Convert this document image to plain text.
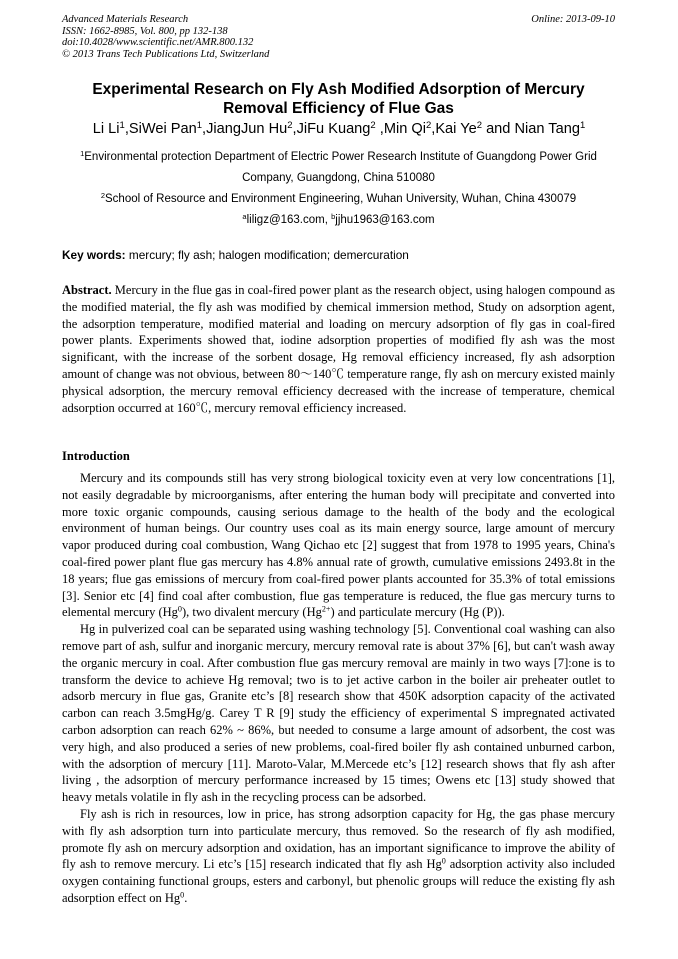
Advanced Materials Research
ISSN: 1662-8985, Vol. 800, pp 132-138
doi:10.4028/www.scientific.net/AMR.800.132
© 2013 Trans Tech Publications Ltd, Switzerland
Online: 2013-09-10
Experimental Research on Fly Ash Modified Adsorption of Mercury Removal Efficiency of Flue Gas
Li Li$^1$,SiWei Pan$^1$,JiangJun Hu$^2$,JiFu Kuang$^2$ ,Min Qi$^2$,Kai Ye$^2$ and Nian Tang$^1$
$^1$Environmental protection Department of Electric Power Research Institute of Guangdong Power Grid Company, Guangdong, China 510080
$^2$School of Resource and Environment Engineering, Wuhan University, Wuhan, China 430079
$^a$liligz@163.com, $^b$jjhu1963@163.com
Key words: mercury; fly ash; halogen modification; demercuration
Abstract. Mercury in the flue gas in coal-fired power plant as the research object, using halogen compound as the modified material, the fly ash was modified by chemical immersion method, Study on adsorption agent, the adsorption temperature, modified material and loading on mercury adsorption of fly gas in coal-fired power plants. Experiments showed that, iodine adsorption properties of modified fly ash was the most significant, with the increase of the sorbent dosage, Hg removal efficiency increased, fly ash adsorption amount of change was not obvious, between 80～140℃ temperature range, fly ash on mercury existed mainly physical adsorption, the mercury removal efficiency decreased with the increase of temperature, chemical adsorption occurred at 160℃, mercury removal efficiency increased.
Introduction

Mercury and its compounds still has very strong biological toxicity even at very low concentrations [1], not easily degradable by microorganisms, after entering the human body will precipitate and converted into more toxic organic compounds, causing serious damage to the health of the body and the ecological environment of human beings. Our country uses coal as its main energy source, large amount of mercury vapor produced during coal combustion, Wang Qichao etc [2] suggest that from 1978 to 1995 years, China's coal-fired power plant flue gas mercury has 4.8% annual rate of growth, cumulative emissions 2493.8t in the 18 years; flue gas emissions of mercury from coal-fired power plants accounted for 35.3% of total emissions [3]. Senior etc [4] find coal after combustion, flue gas temperature is reduced, the flue gas mercury turns to elemental mercury (Hg$^0$), two divalent mercury $(Hg^{2+})$ and particulate mercury (Hg (P)).

Hg in pulverized coal can be separated using washing technology [5]. Conventional coal washing can also remove part of ash, sulfur and inorganic mercury, mercury removal rate is about 37% [6], but can't wash away the organic mercury in coal. After combustion flue gas mercury removal are mainly in two ways [7]:one is to transform the device to achieve Hg removal; two is to jet active carbon in the boiler air preheater outlet to adsorb mercury in flue gas, Granite etc’s [8] research show that 450K adsorption capacity of the activated carbon can reach 3.5mgHg/g. Carey T R [9] study the efficiency of experimental S impregnated activated carbon adsorption can reach 62% ~ 86%, but needed to consume a large amount of adsorbent, the cost was very high, and also produced a series of new problems, coal-fired boiler fly ash contained unburned carbon, with the adsorption of mercury [11]. Maroto-Valar, M.Mercede etc’s [12] research shows that fly ash after living , the adsorption of mercury performance increased by 15 times; Owens etc [13] study showed that heavy metals volatile in fly ash in the recycling process can be adsorbed.

Fly ash is rich in resources, low in price, has strong adsorption capacity for Hg, the gas phase mercury with fly ash adsorption turn into particulate mercury, thus removed. So the research of fly ash modified, promote fly ash on mercury adsorption and oxidation, has an important significance to improve the ability of fly ash to remove mercury. Li etc’s [15] research indicated that fly ash Hg$^0$ adsorption activity also included oxygen containing functional groups, esters and carbonyl, but phenolic groups will reduce the existing fly ash adsorption effect on Hg$^0$.
